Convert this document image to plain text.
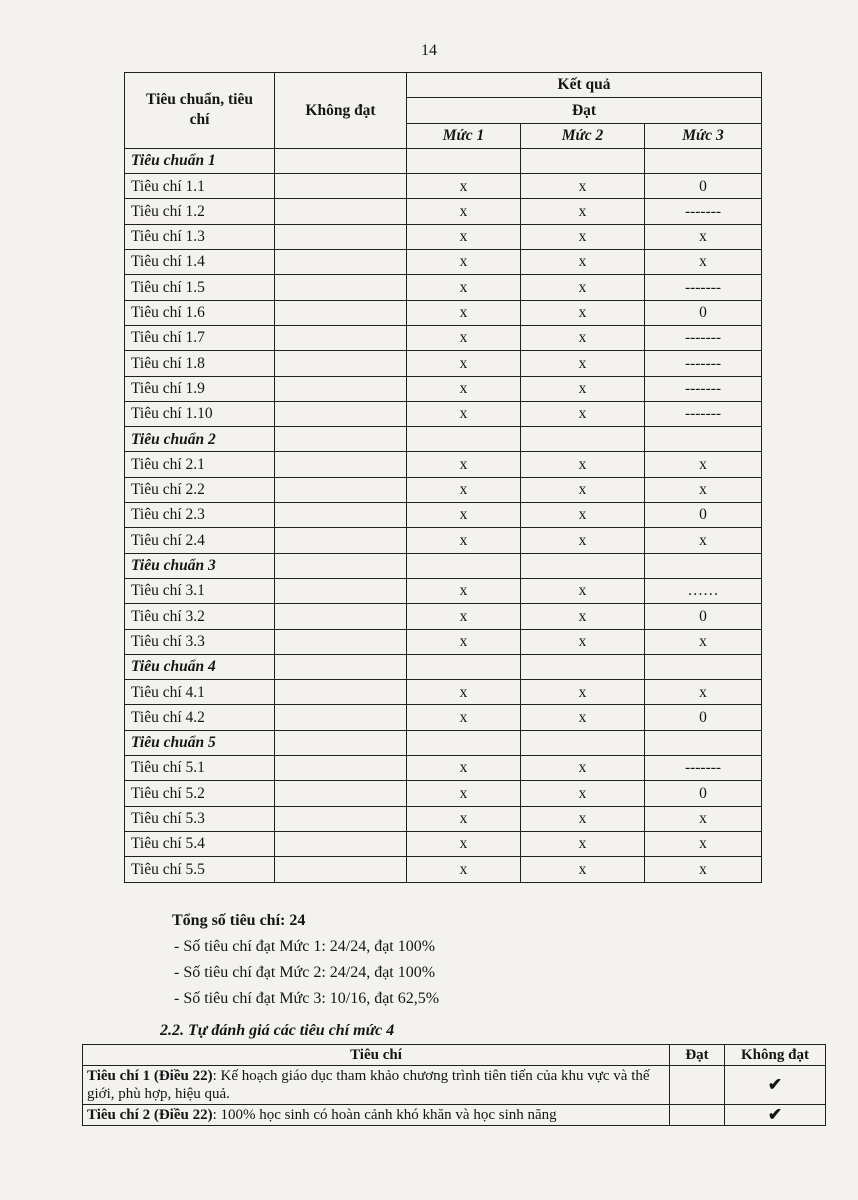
14
Tiêu chuẩn, tiêu chí	Không đạt	Kết quả		
		Đạt		
		Mức 1	Mức 2	Mức 3
Tiêu chuẩn 1				
Tiêu chí 1.1		x	x	0
Tiêu chí 1.2		x	x	-------
Tiêu chí 1.3		x	x	x
Tiêu chí 1.4		x	x	x
Tiêu chí 1.5		x	x	-------
Tiêu chí 1.6		x	x	0
Tiêu chí 1.7		x	x	-------
Tiêu chí 1.8		x	x	-------
Tiêu chí 1.9		x	x	-------
Tiêu chí 1.10		x	x	-------
Tiêu chuẩn 2				
Tiêu chí 2.1		x	x	x
Tiêu chí 2.2		x	x	x
Tiêu chí 2.3		x	x	0
Tiêu chí 2.4		x	x	x
Tiêu chuẩn 3				
Tiêu chí 3.1		x	x	……
Tiêu chí 3.2		x	x	0
Tiêu chí 3.3		x	x	x
Tiêu chuẩn 4				
Tiêu chí 4.1		x	x	x
Tiêu chí 4.2		x	x	0
Tiêu chuẩn 5				
Tiêu chí 5.1		x	x	-------
Tiêu chí 5.2		x	x	0
Tiêu chí 5.3		x	x	x
Tiêu chí 5.4		x	x	x
Tiêu chí 5.5		x	x	x
Tổng số tiêu chí: 24
- Số tiêu chí đạt Mức 1: 24/24, đạt 100%
- Số tiêu chí đạt Mức 2: 24/24, đạt 100%
- Số tiêu chí đạt Mức 3: 10/16, đạt 62,5%
2.2. Tự đánh giá các tiêu chí mức 4
Tiêu chí	Đạt	Không đạt
Tiêu chí 1 (Điều 22): Kế hoạch giáo dục tham khảo chương trình tiên tiến của khu vực và thế giới, phù hợp, hiệu quả.		✔
Tiêu chí 2 (Điều 22): 100% học sinh có hoàn cảnh khó khăn và học sinh năng		✔
